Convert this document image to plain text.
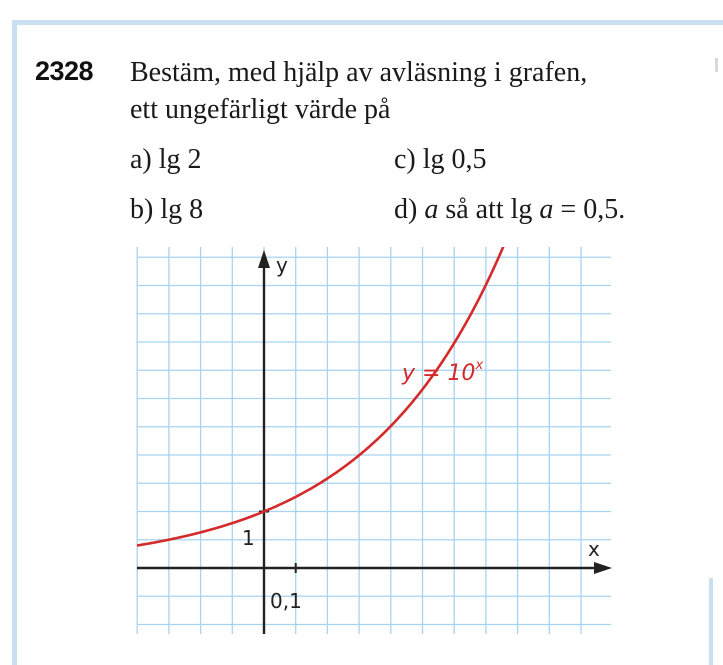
2328 Bestäm, med hjälp av avläsning i grafen,
ett ungefärligt värde på
a) lg 2
b) lg 8
c) lg 0,5
d) a så att lg a = 0,5.
y
x
1
0,1
$y = 10^x$
